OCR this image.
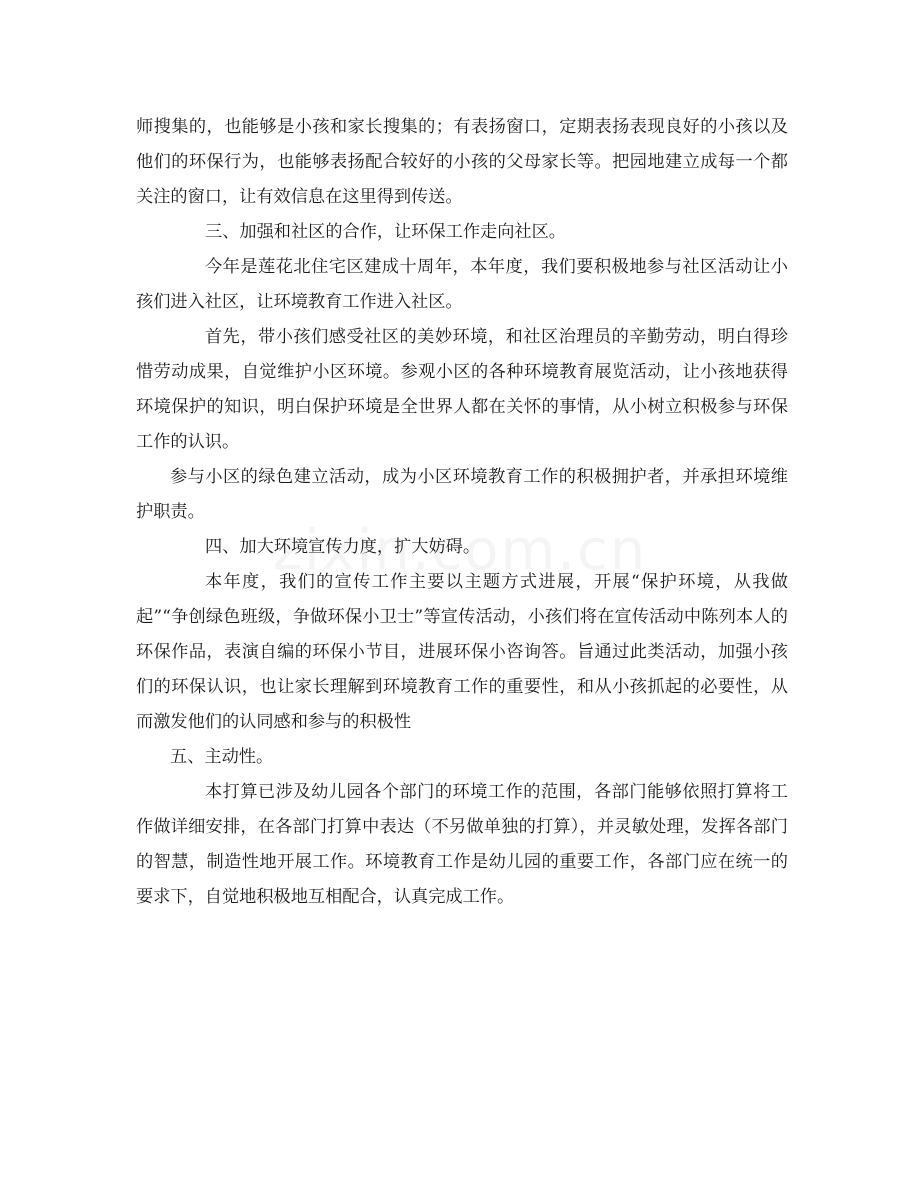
师搜集的，也能够是小孩和家长搜集的；有表扬窗口，定期表扬表现良好的小孩以及他们的环保行为，也能够表扬配合较好的小孩的父母家长等。把园地建立成每一个都关注的窗口，让有效信息在这里得到传送。

三、加强和社区的合作，让环保工作走向社区。

今年是莲花北住宅区建成十周年，本年度，我们要积极地参与社区活动让小孩们进入社区，让环境教育工作进入社区。

首先，带小孩们感受社区的美妙环境，和社区治理员的辛勤劳动，明白得珍惜劳动成果，自觉维护小区环境。参观小区的各种环境教育展览活动，让小孩地获得环境保护的知识，明白保护环境是全世界人都在关怀的事情，从小树立积极参与环保工作的认识。

参与小区的绿色建立活动，成为小区环境教育工作的积极拥护者，并承担环境维护职责。

四、加大环境宣传力度，扩大妨碍。

本年度，我们的宣传工作主要以主题方式进展，开展“保护环境，从我做起”“争创绿色班级，争做环保小卫士”等宣传活动，小孩们将在宣传活动中陈列本人的环保作品，表演自编的环保小节目，进展环保小咨询答。旨通过此类活动，加强小孩们的环保认识，也让家长理解到环境教育工作的重要性，和从小孩抓起的必要性，从而激发他们的认同感和参与的积极性

五、主动性。

本打算已涉及幼儿园各个部门的环境工作的范围，各部门能够依照打算将工作做详细安排，在各部门打算中表达（不另做单独的打算），并灵敏处理，发挥各部门的智慧，制造性地开展工作。环境教育工作是幼儿园的重要工作，各部门应在统一的要求下，自觉地积极地互相配合，认真完成工作。
